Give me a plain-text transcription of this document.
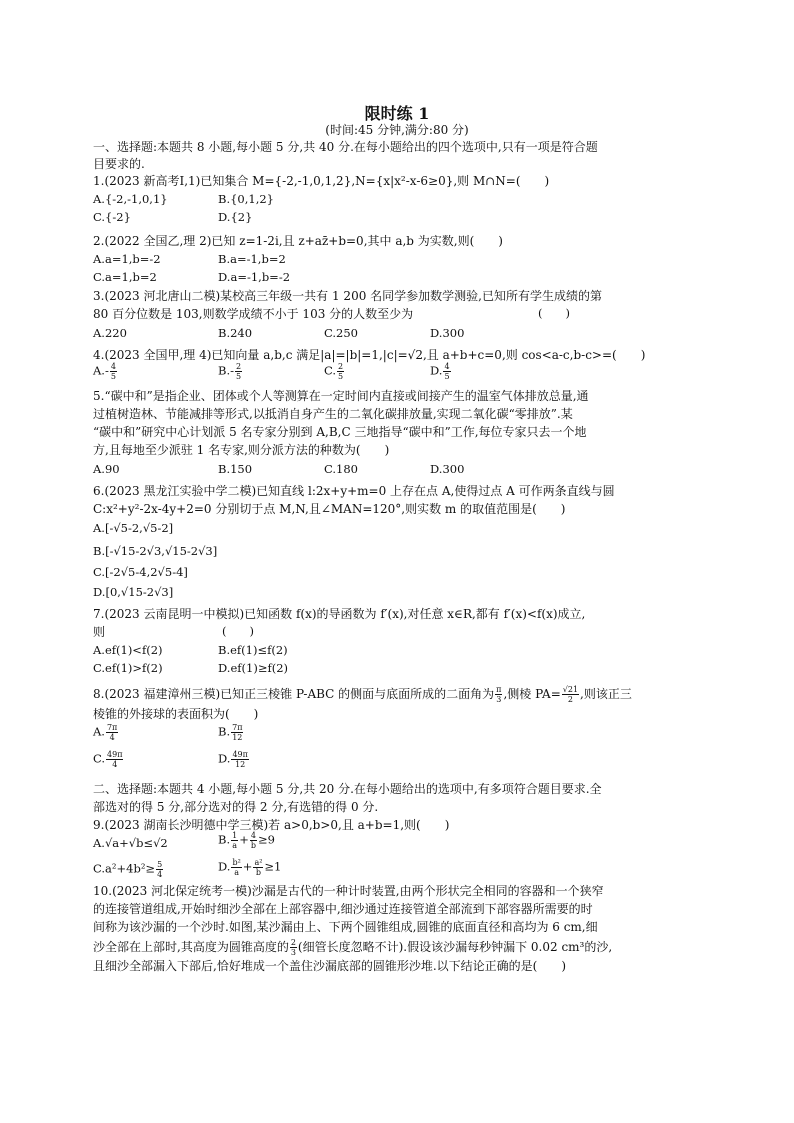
限时练 1
(时间:45 分钟,满分:80 分)
一、选择题:本题共 8 小题,每小题 5 分,共 40 分.在每小题给出的四个选项中,只有一项是符合题
目要求的.
1.(2023 新高考Ⅰ,1)已知集合 M={-2,-1,0,1,2},N={x|x²-x-6≥0},则 M∩N=(　　)
A.{-2,-1,0,1}	B.{0,1,2}
C.{-2}	D.{2}
2.(2022 全国乙,理 2)已知 z=1-2i,且 z+az̄+b=0,其中 a,b 为实数,则(　　)
A.a=1,b=-2	B.a=-1,b=2
C.a=1,b=2	D.a=-1,b=-2
3.(2023 河北唐山二模)某校高三年级一共有 1 200 名同学参加数学测验,已知所有学生成绩的第
80 百分位数是 103,则数学成绩不小于 103 分的人数至少为	(　　)
A.220	B.240	C.250	D.300
4.(2023 全国甲,理 4)已知向量 a,b,c 满足|a|=|b|=1,|c|=√2,且 a+b+c=0,则 cos<a-c,b-c>=(　　)
$A.- \frac{4}{5}$	$B.- \frac{2}{5}$	C. $\frac{2}{5}$	D. $\frac{4}{5}$
5.“碳中和”是指企业、团体或个人等测算在一定时间内直接或间接产生的温室气体排放总量,通
过植树造林、节能减排等形式,以抵消自身产生的二氧化碳排放量,实现二氧化碳“零排放”.某
“碳中和”研究中心计划派 5 名专家分别到 A,B,C 三地指导“碳中和”工作,每位专家只去一个地
方,且每地至少派驻 1 名专家,则分派方法的种数为(　　)
A.90	B.150	C.180	D.300
6.(2023 黑龙江实验中学二模)已知直线 l:2x+y+m=0 上存在点 A,使得过点 A 可作两条直线与圆
C:x²+y²-2x-4y+2=0 分别切于点 M,N,且∠MAN=120°,则实数 m 的取值范围是(　　)
A.[-√5-2,√5-2]
B.[-√15-2√3,√15-2√3]
C.[-2√5-4,2√5-4]
D.[0,√15-2√3]
7.(2023 云南昆明一中模拟)已知函数 f(x)的导函数为 f′(x),对任意 x∈R,都有 f′(x)<f(x)成立,
则	(　　)
A.ef(1)<f(2)	B.ef(1)≤f(2)
C.ef(1)>f(2)	D.ef(1)≥f(2)
8.(2023 福建漳州三模)已知正三棱锥 P-ABC 的侧面与底面所成的二面角为 $\frac{\pi}{3}$ ,侧棱 $PA= \frac{√21}{2}$ ,则该正三
棱锥的外接球的表面积为(　　)
A. $\frac{7\pi}{4}$	B. $\frac{7\pi}{12}$
C. $\frac{49\pi}{4}$	D. $\frac{49\pi}{12}$
二、选择题:本题共 4 小题,每小题 5 分,共 20 分.在每小题给出的选项中,有多项符合题目要求.全
部选对的得 5 分,部分选对的得 2 分,有选错的得 0 分.
9.(2023 湖南长沙明德中学三模)若 a>0,b>0,且 a+b=1,则(　　)
A.√a+√b≤√2	B. $\frac{1}{a} + \frac{4}{b} \ge 9$
$C.a^2+4b^2\ge \frac{5}{4}$	D. $\frac{\text{b²}}{a} + \frac{\text{a²}}{b} \ge 1$
10.(2023 河北保定统考一模)沙漏是古代的一种计时装置,由两个形状完全相同的容器和一个狭窄
的连接管道组成,开始时细沙全部在上部容器中,细沙通过连接管道全部流到下部容器所需要的时
间称为该沙漏的一个沙时.如图,某沙漏由上、下两个圆锥组成,圆锥的底面直径和高均为 6 cm,细
沙全部在上部时,其高度为圆锥高度的 $\frac{2}{3}$ (细管长度忽略不计).假设该沙漏每秒钟漏下 0.02 cm³的沙,
且细沙全部漏入下部后,恰好堆成一个盖住沙漏底部的圆锥形沙堆.以下结论正确的是(　　)
